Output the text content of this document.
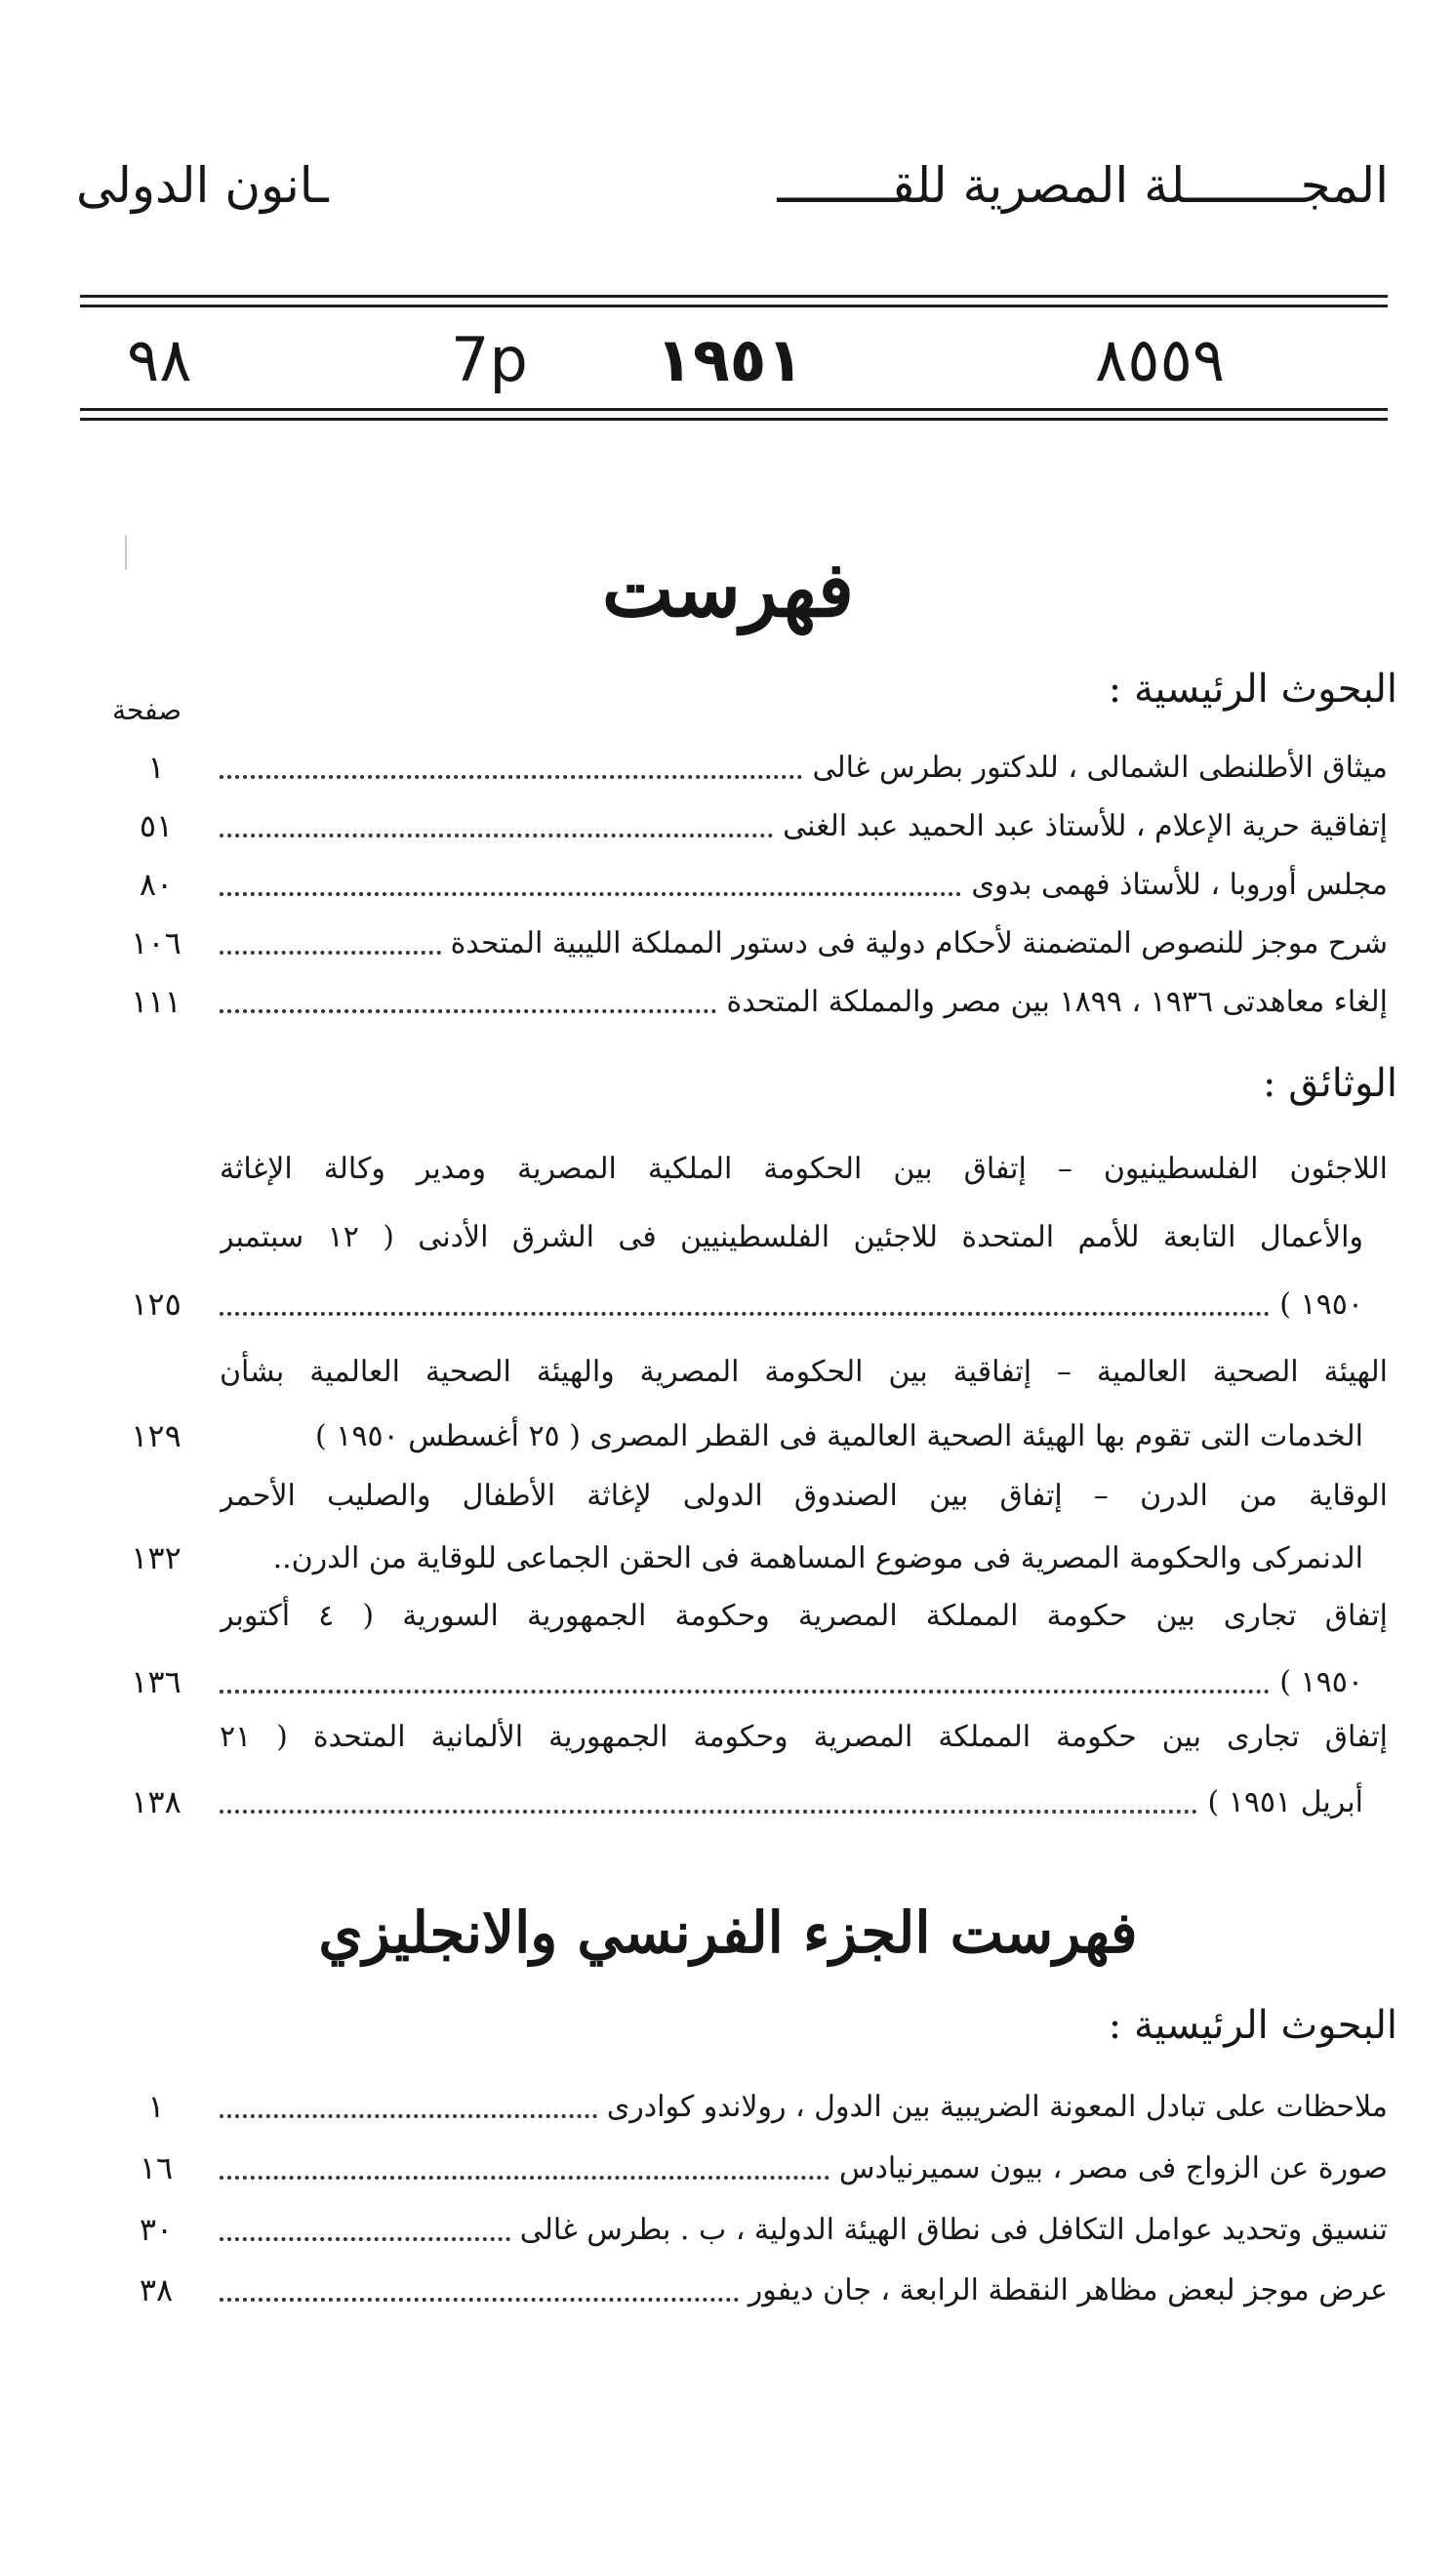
المجــــــــلة المصرية للقــــــــ
ـانون الدولى
٩٨	7p ١٩٥١	٨٥٥٩
فهرست
البحوث الرئيسية :
صفحة
١	ميثاق الأطلنطى الشمالى ، للدكتور بطرس غالى
٥١	إتفاقية حرية الإعلام ، للأستاذ عبد الحميد عبد الغنى
٨٠	مجلس أوروبا ، للأستاذ فهمى بدوى
١٠٦	شرح موجز للنصوص المتضمنة لأحكام دولية فى دستور المملكة الليبية المتحدة
١١١	إلغاء معاهدتى ١٩٣٦ ، ١٨٩٩ بين مصر والمملكة المتحدة
الوثائق :
اللاجئون الفلسطينيون – إتفاق بين الحكومة الملكية المصرية ومدير وكالة الإغاثة
والأعمال التابعة للأمم المتحدة للاجئين الفلسطينيين فى الشرق الأدنى ( ١٢ سبتمبر
١٢٥	١٩٥٠ )
الهيئة الصحية العالمية – إتفاقية بين الحكومة المصرية والهيئة الصحية العالمية بشأن
١٢٩	الخدمات التى تقوم بها الهيئة الصحية العالمية فى القطر المصرى ( ٢٥ أغسطس ١٩٥٠ )
الوقاية من الدرن – إتفاق بين الصندوق الدولى لإغاثة الأطفال والصليب الأحمر
١٣٢	الدنمركى والحكومة المصرية فى موضوع المساهمة فى الحقن الجماعى للوقاية من الدرن..
إتفاق تجارى بين حكومة المملكة المصرية وحكومة الجمهورية السورية ( ٤ أكتوبر
١٣٦	١٩٥٠ )
إتفاق تجارى بين حكومة المملكة المصرية وحكومة الجمهورية الألمانية المتحدة ( ٢١
١٣٨	أبريل ١٩٥١ )
فهرست الجزء الفرنسي والانجليزي
البحوث الرئيسية :
١	ملاحظات على تبادل المعونة الضريبية بين الدول ، رولاندو كوادرى
١٦	صورة عن الزواج فى مصر ، بيون سميرنيادس
٣٠	تنسيق وتحديد عوامل التكافل فى نطاق الهيئة الدولية ، ب . بطرس غالى
٣٨	عرض موجز لبعض مظاهر النقطة الرابعة ، جان ديفور
